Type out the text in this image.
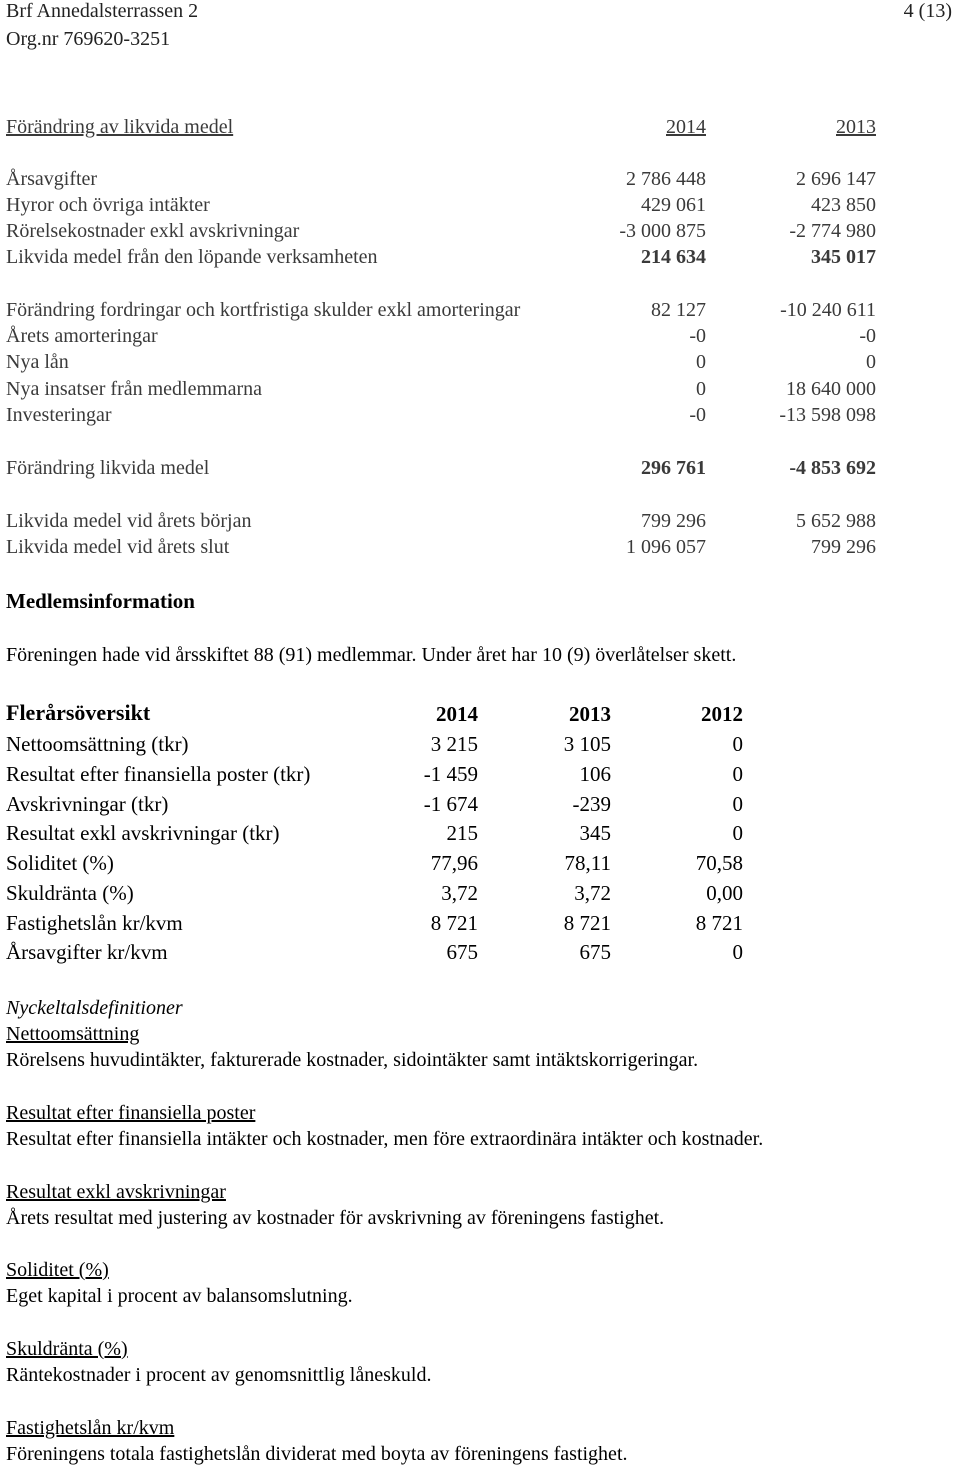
Brf Annedalsterrassen 2
Org.nr 769620-3251
4 (13)
Förändring av likvida medel	2014	2013
Årsavgifter	2 786 448	2 696 147
Hyror och övriga intäkter	429 061	423 850
Rörelsekostnader exkl avskrivningar	-3 000 875	-2 774 980
Likvida medel från den löpande verksamheten	214 634	345 017
Förändring fordringar och kortfristiga skulder exkl amorteringar	82 127	-10 240 611
Årets amorteringar	-0	-0
Nya lån	0	0
Nya insatser från medlemmarna	0	18 640 000
Investeringar	-0	-13 598 098
Förändring likvida medel	296 761	-4 853 692
Likvida medel vid årets början	799 296	5 652 988
Likvida medel vid årets slut	1 096 057	799 296
Medlemsinformation
Föreningen hade vid årsskiftet 88 (91) medlemmar. Under året har 10 (9) överlåtelser skett.
Flerårsöversikt	2014	2013	2012
Nettoomsättning (tkr)	3 215	3 105	0
Resultat efter finansiella poster (tkr)	-1 459	106	0
Avskrivningar (tkr)	-1 674	-239	0
Resultat exkl avskrivningar (tkr)	215	345	0
Soliditet (%)	77,96	78,11	70,58
Skuldränta (%)	3,72	3,72	0,00
Fastighetslån kr/kvm	8 721	8 721	8 721
Årsavgifter kr/kvm	675	675	0
Nyckeltalsdefinitioner
Nettoomsättning
Rörelsens huvudintäkter, fakturerade kostnader, sidointäkter samt intäktskorrigeringar.
Resultat efter finansiella poster
Resultat efter finansiella intäkter och kostnader, men före extraordinära intäkter och kostnader.
Resultat exkl avskrivningar
Årets resultat med justering av kostnader för avskrivning av föreningens fastighet.
Soliditet (%)
Eget kapital i procent av balansomslutning.
Skuldränta (%)
Räntekostnader i procent av genomsnittlig låneskuld.
Fastighetslån kr/kvm
Föreningens totala fastighetslån dividerat med boyta av föreningens fastighet.
